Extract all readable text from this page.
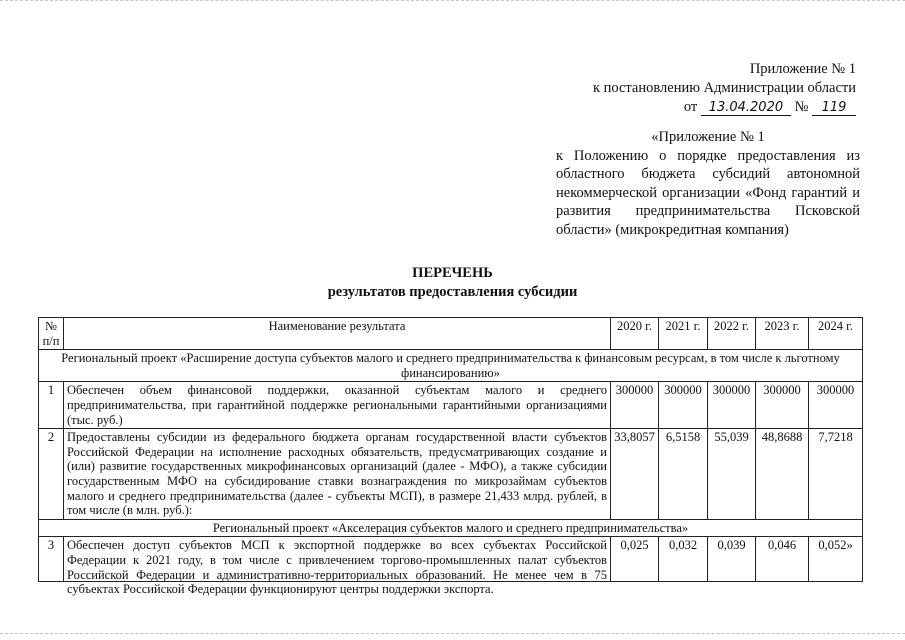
Приложение № 1
к постановлению Администрации области
от 13.04.2020 № 119
«Приложение № 1
к Положению о порядке предоставления из областного бюджета субсидий автономной некоммерческой организации «Фонд гарантий и развития предпринимательства Псковской области» (микрокредитная компания)
ПЕРЕЧЕНЬ
результатов предоставления субсидии
№ п/п	Наименование результата	2020 г.	2021 г.	2022 г.	2023 г.	2024 г.
Региональный проект «Расширение доступа субъектов малого и среднего предпринимательства к финансовым ресурсам, в том числе к льготному финансированию»						
1	Обеспечен объем финансовой поддержки, оказанной субъектам малого и среднего предпринимательства, при гарантийной поддержке региональными гарантийными организациями (тыс. руб.)	300000	300000	300000	300000	300000
2	Предоставлены субсидии из федерального бюджета органам государственной власти субъектов Российской Федерации на исполнение расходных обязательств, предусматривающих создание и (или) развитие государственных микрофинансовых организаций (далее - МФО), а также субсидии государственным МФО на субсидирование ставки вознаграждения по микрозаймам субъектов малого и среднего предпринимательства (далее - субъекты МСП), в размере 21,433 млрд. рублей, в том числе (в млн. руб.):	33,8057	6,5158	55,039	48,8688	7,7218
Региональный проект «Акселерация субъектов малого и среднего предпринимательства»						
3	Обеспечен доступ субъектов МСП к экспортной поддержке во всех субъектах Российской Федерации к 2021 году, в том числе с привлечением торгово-промышленных палат субъектов Российской Федерации и административно-территориальных образований. Не менее чем в 75 субъектах Российской Федерации функционируют центры поддержки экспорта.	0,025	0,032	0,039	0,046	0,052»
